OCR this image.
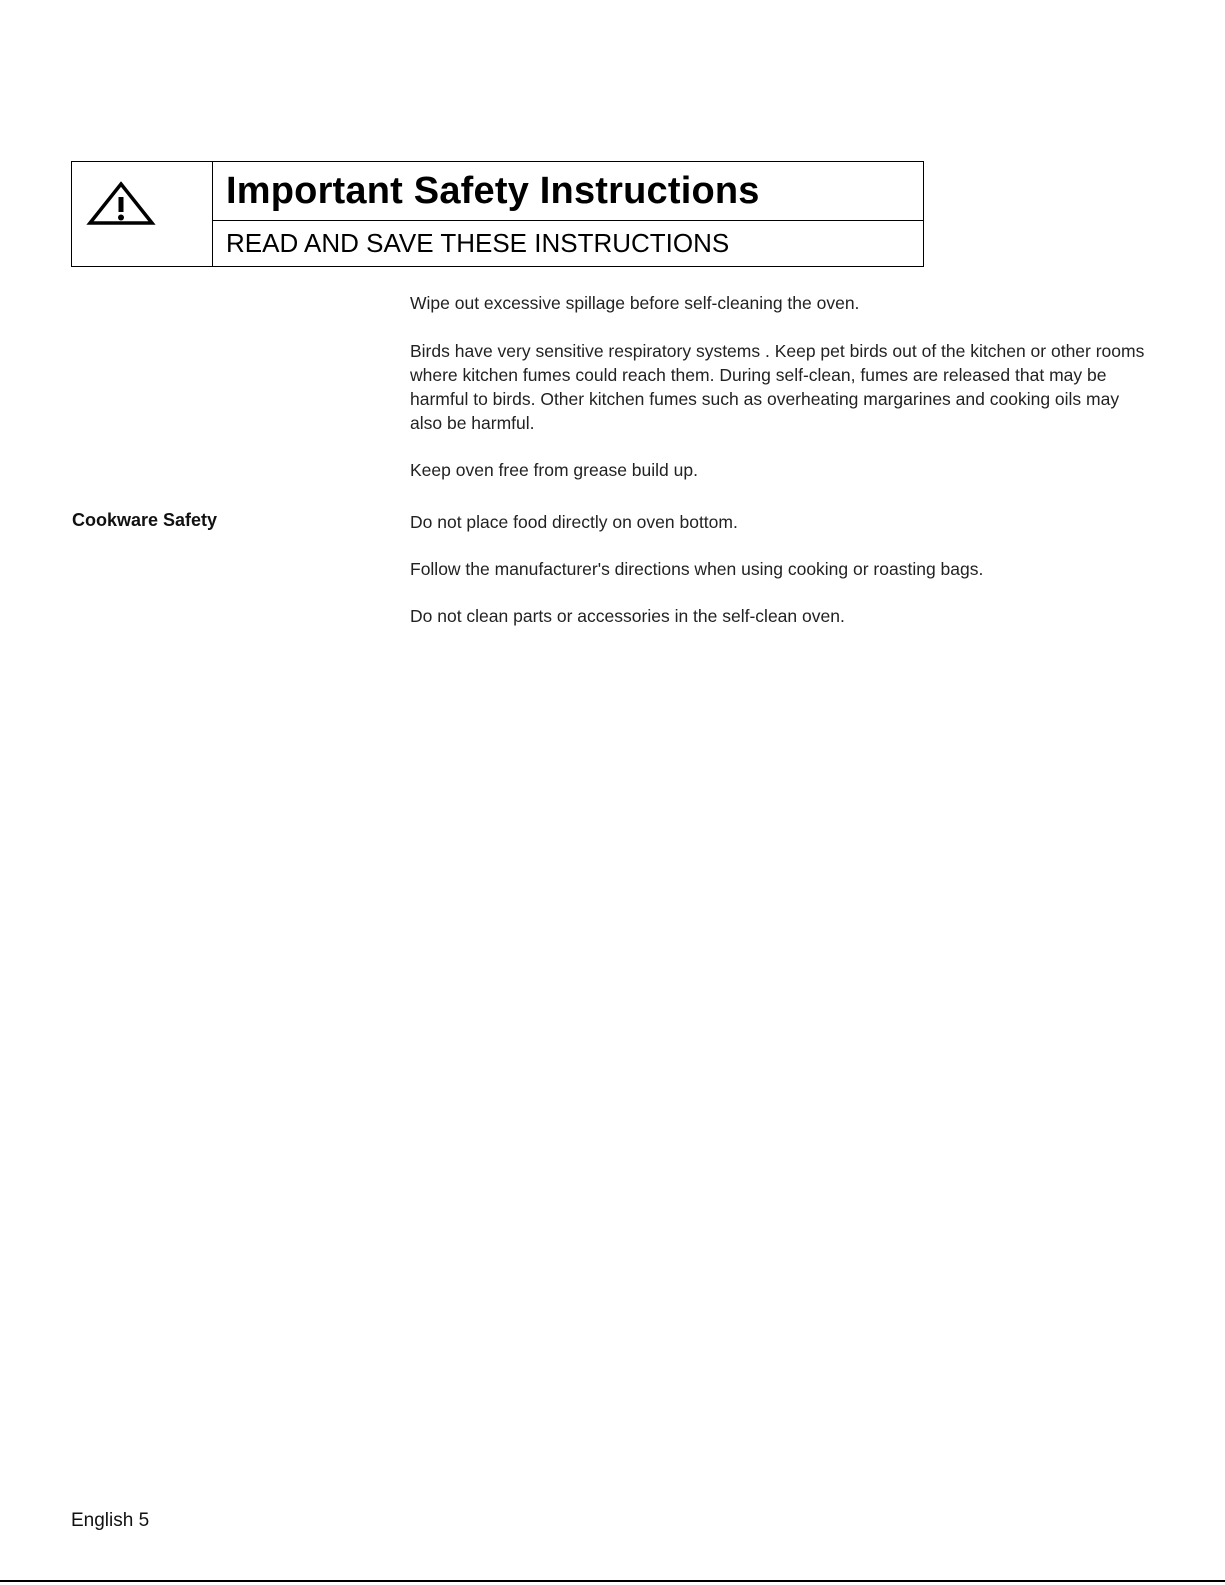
Important Safety Instructions
READ AND SAVE THESE INSTRUCTIONS

Wipe out excessive spillage before self-cleaning the oven.

Birds have very sensitive respiratory systems . Keep pet birds out of the kitchen or other rooms where kitchen fumes could reach them. During self-clean, fumes are released that may be harmful to birds. Other kitchen fumes such as overheating margarines and cooking oils may also be harmful.

Keep oven free from grease build up.

Cookware Safety	Do not place food directly on oven bottom.

Follow the manufacturer's directions when using cooking or roasting bags.

Do not clean parts or accessories in the self-clean oven.

English 5
